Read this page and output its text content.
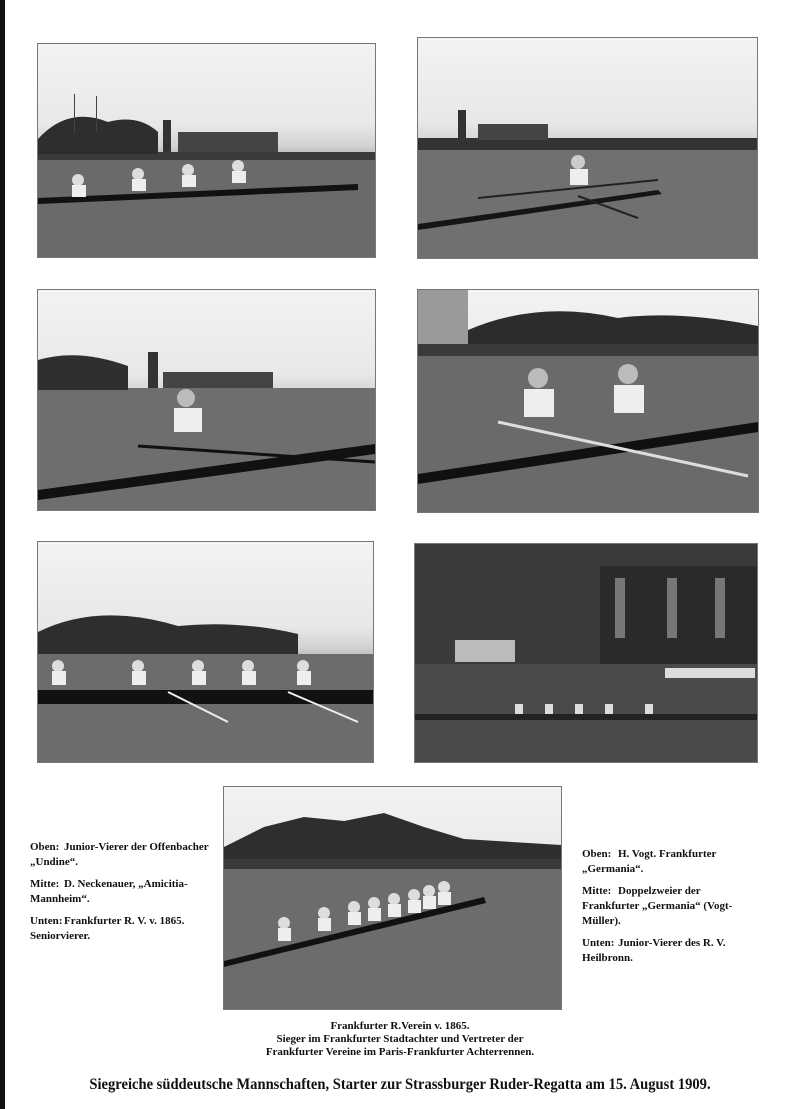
Oben: Junior-Vierer der Offenbacher „Undine“.
Mitte: D. Neckenauer, „Amicitia-Mannheim“.
Unten: Frankfurter R. V. v. 1865. Seniorvierer.
Oben: H. Vogt. Frankfurter „Germania“.
Mitte: Doppelzweier der Frankfurter „Germania“ (Vogt-Müller).
Unten: Junior-Vierer des R. V. Heilbronn.
Frankfurter R.Verein v. 1865.
Sieger im Frankfurter Stadtachter und Vertreter der
Frankfurter Vereine im Paris-Frankfurter Achterrennen.
Siegreiche süddeutsche Mannschaften, Starter zur Strassburger Ruder-Regatta am 15. August 1909.
